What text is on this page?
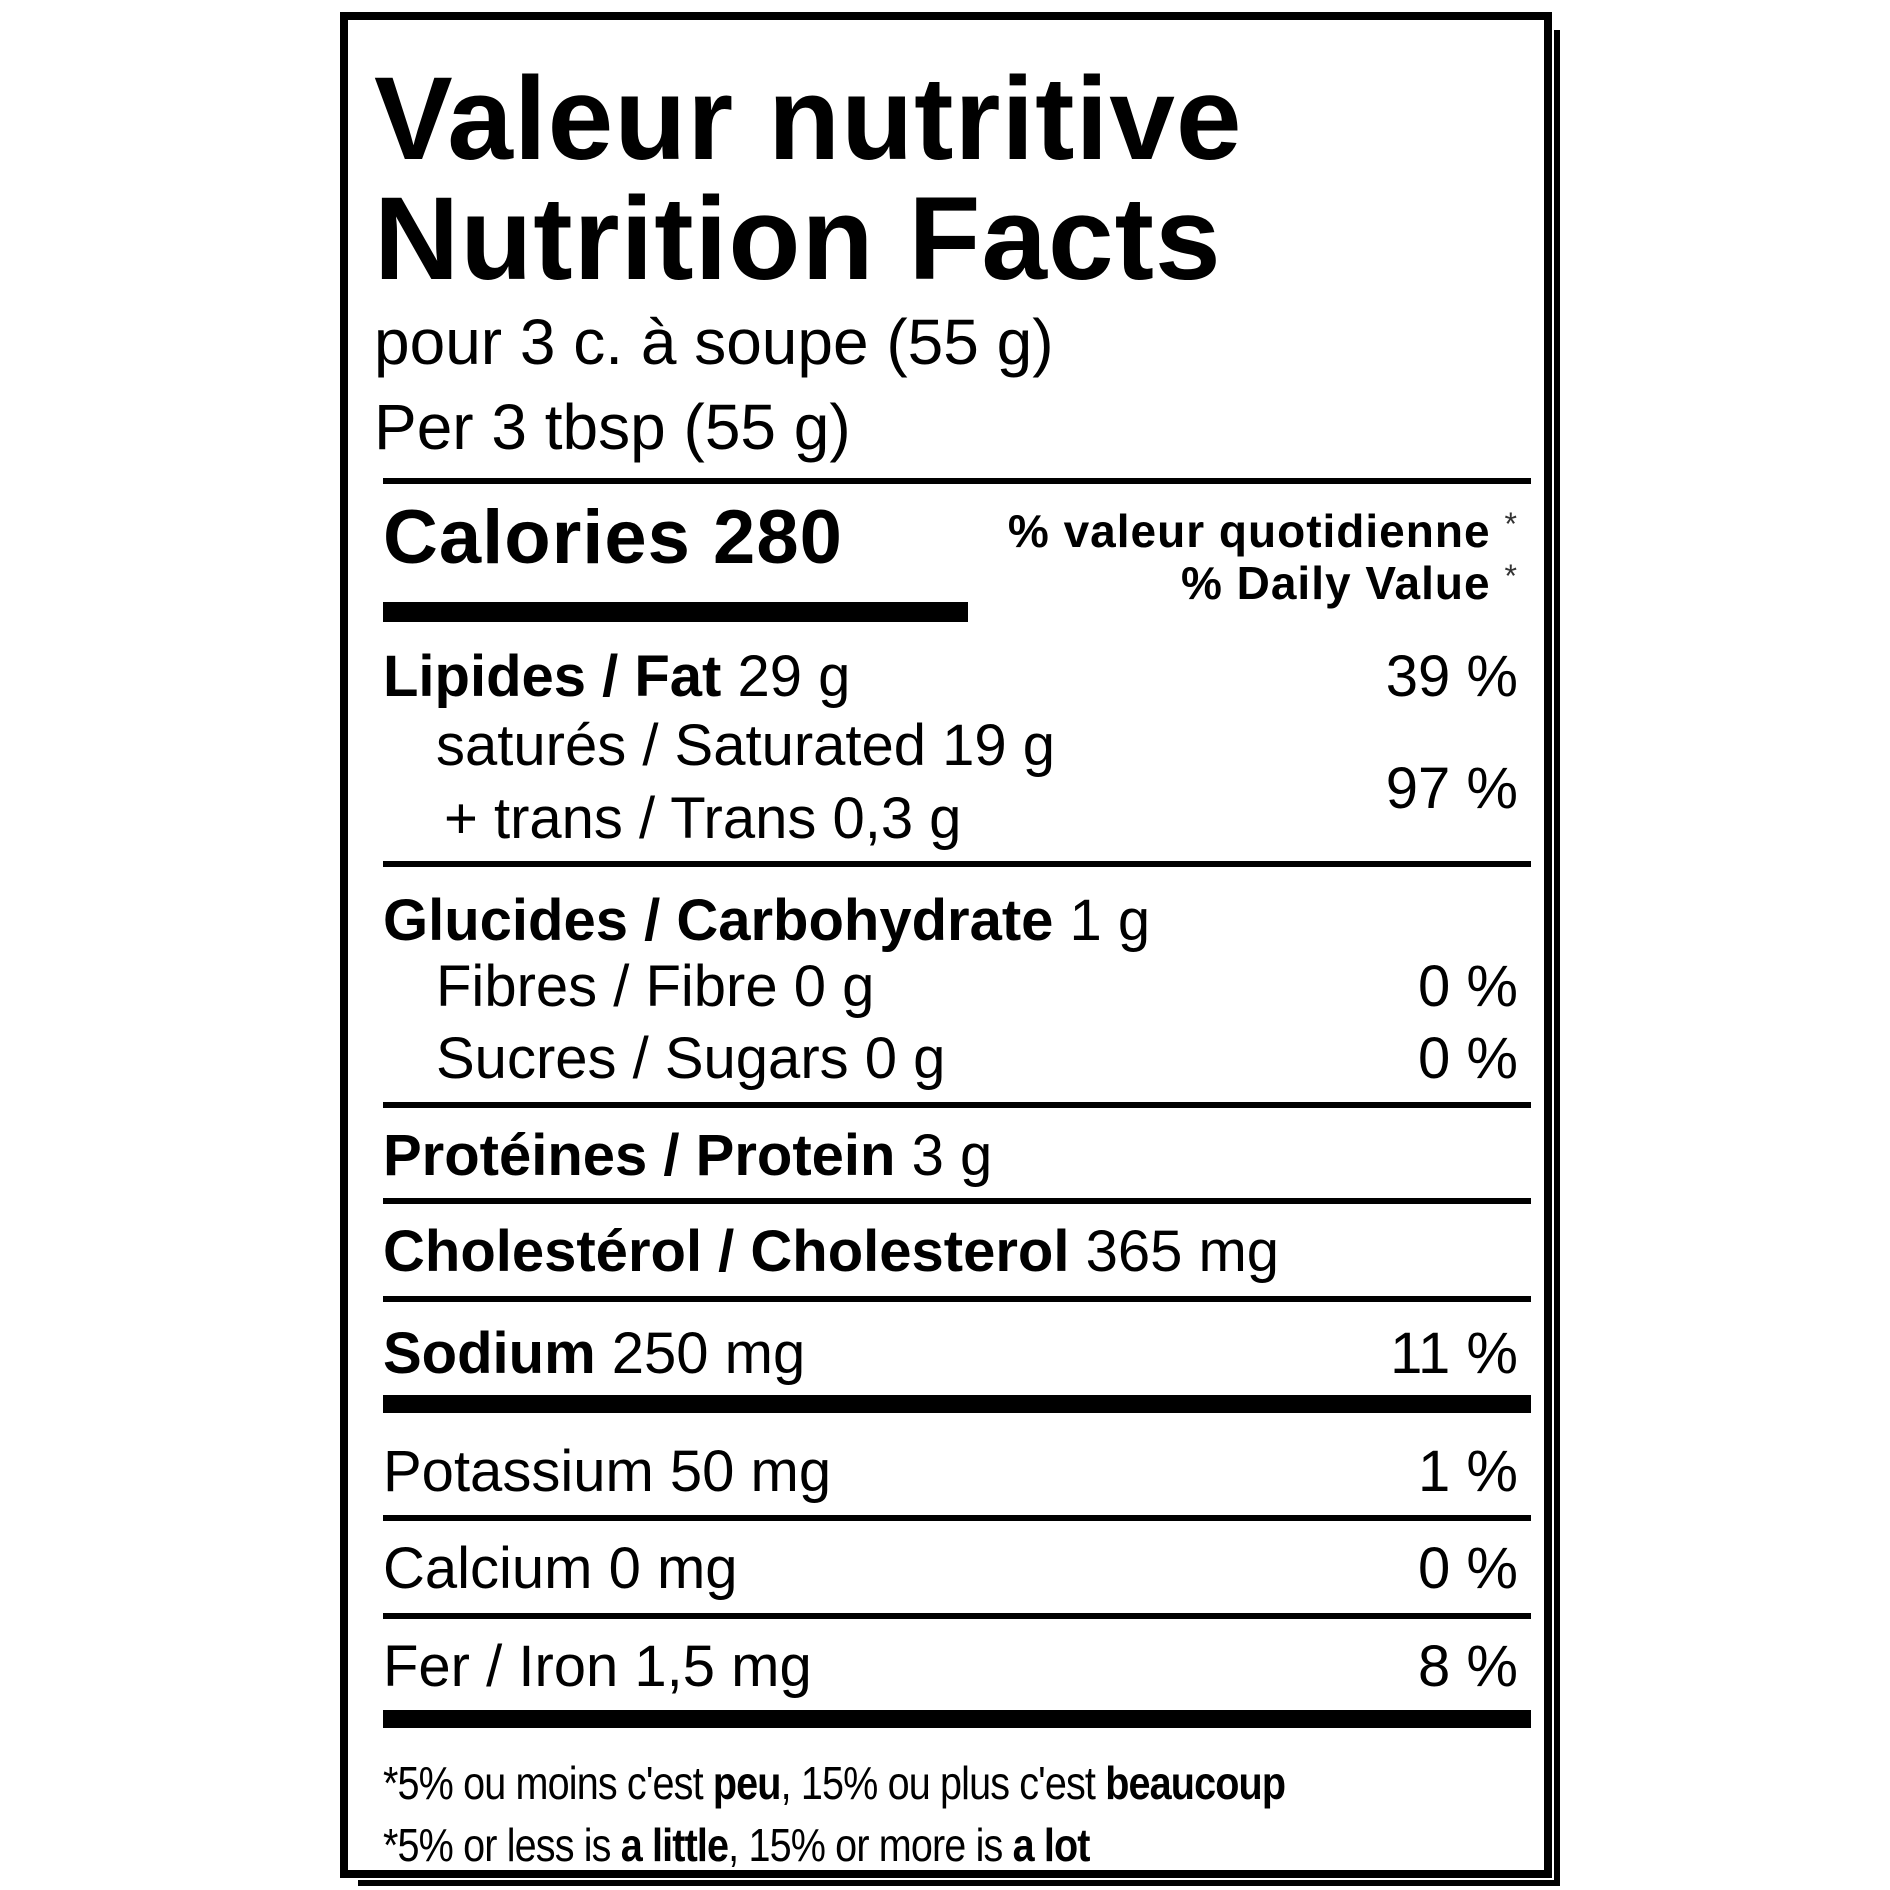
Valeur nutritive
Nutrition Facts
pour 3 c. à soupe (55 g)
Per 3 tbsp (55 g)
Calories 280	% valeur quotidienne *
% Daily Value *
Lipides / Fat 29 g	39 %
saturés / Saturated 19 g
+ trans / Trans 0,3 g	97 %
Glucides / Carbohydrate 1 g
Fibres / Fibre 0 g	0 %
Sucres / Sugars 0 g	0 %
Protéines / Protein 3 g
Cholestérol / Cholesterol 365 mg
Sodium 250 mg	11 %
Potassium 50 mg	1 %
Calcium 0 mg	0 %
Fer / Iron 1,5 mg	8 %
*5% ou moins c'est peu, 15% ou plus c'est beaucoup
*5% or less is a little, 15% or more is a lot
